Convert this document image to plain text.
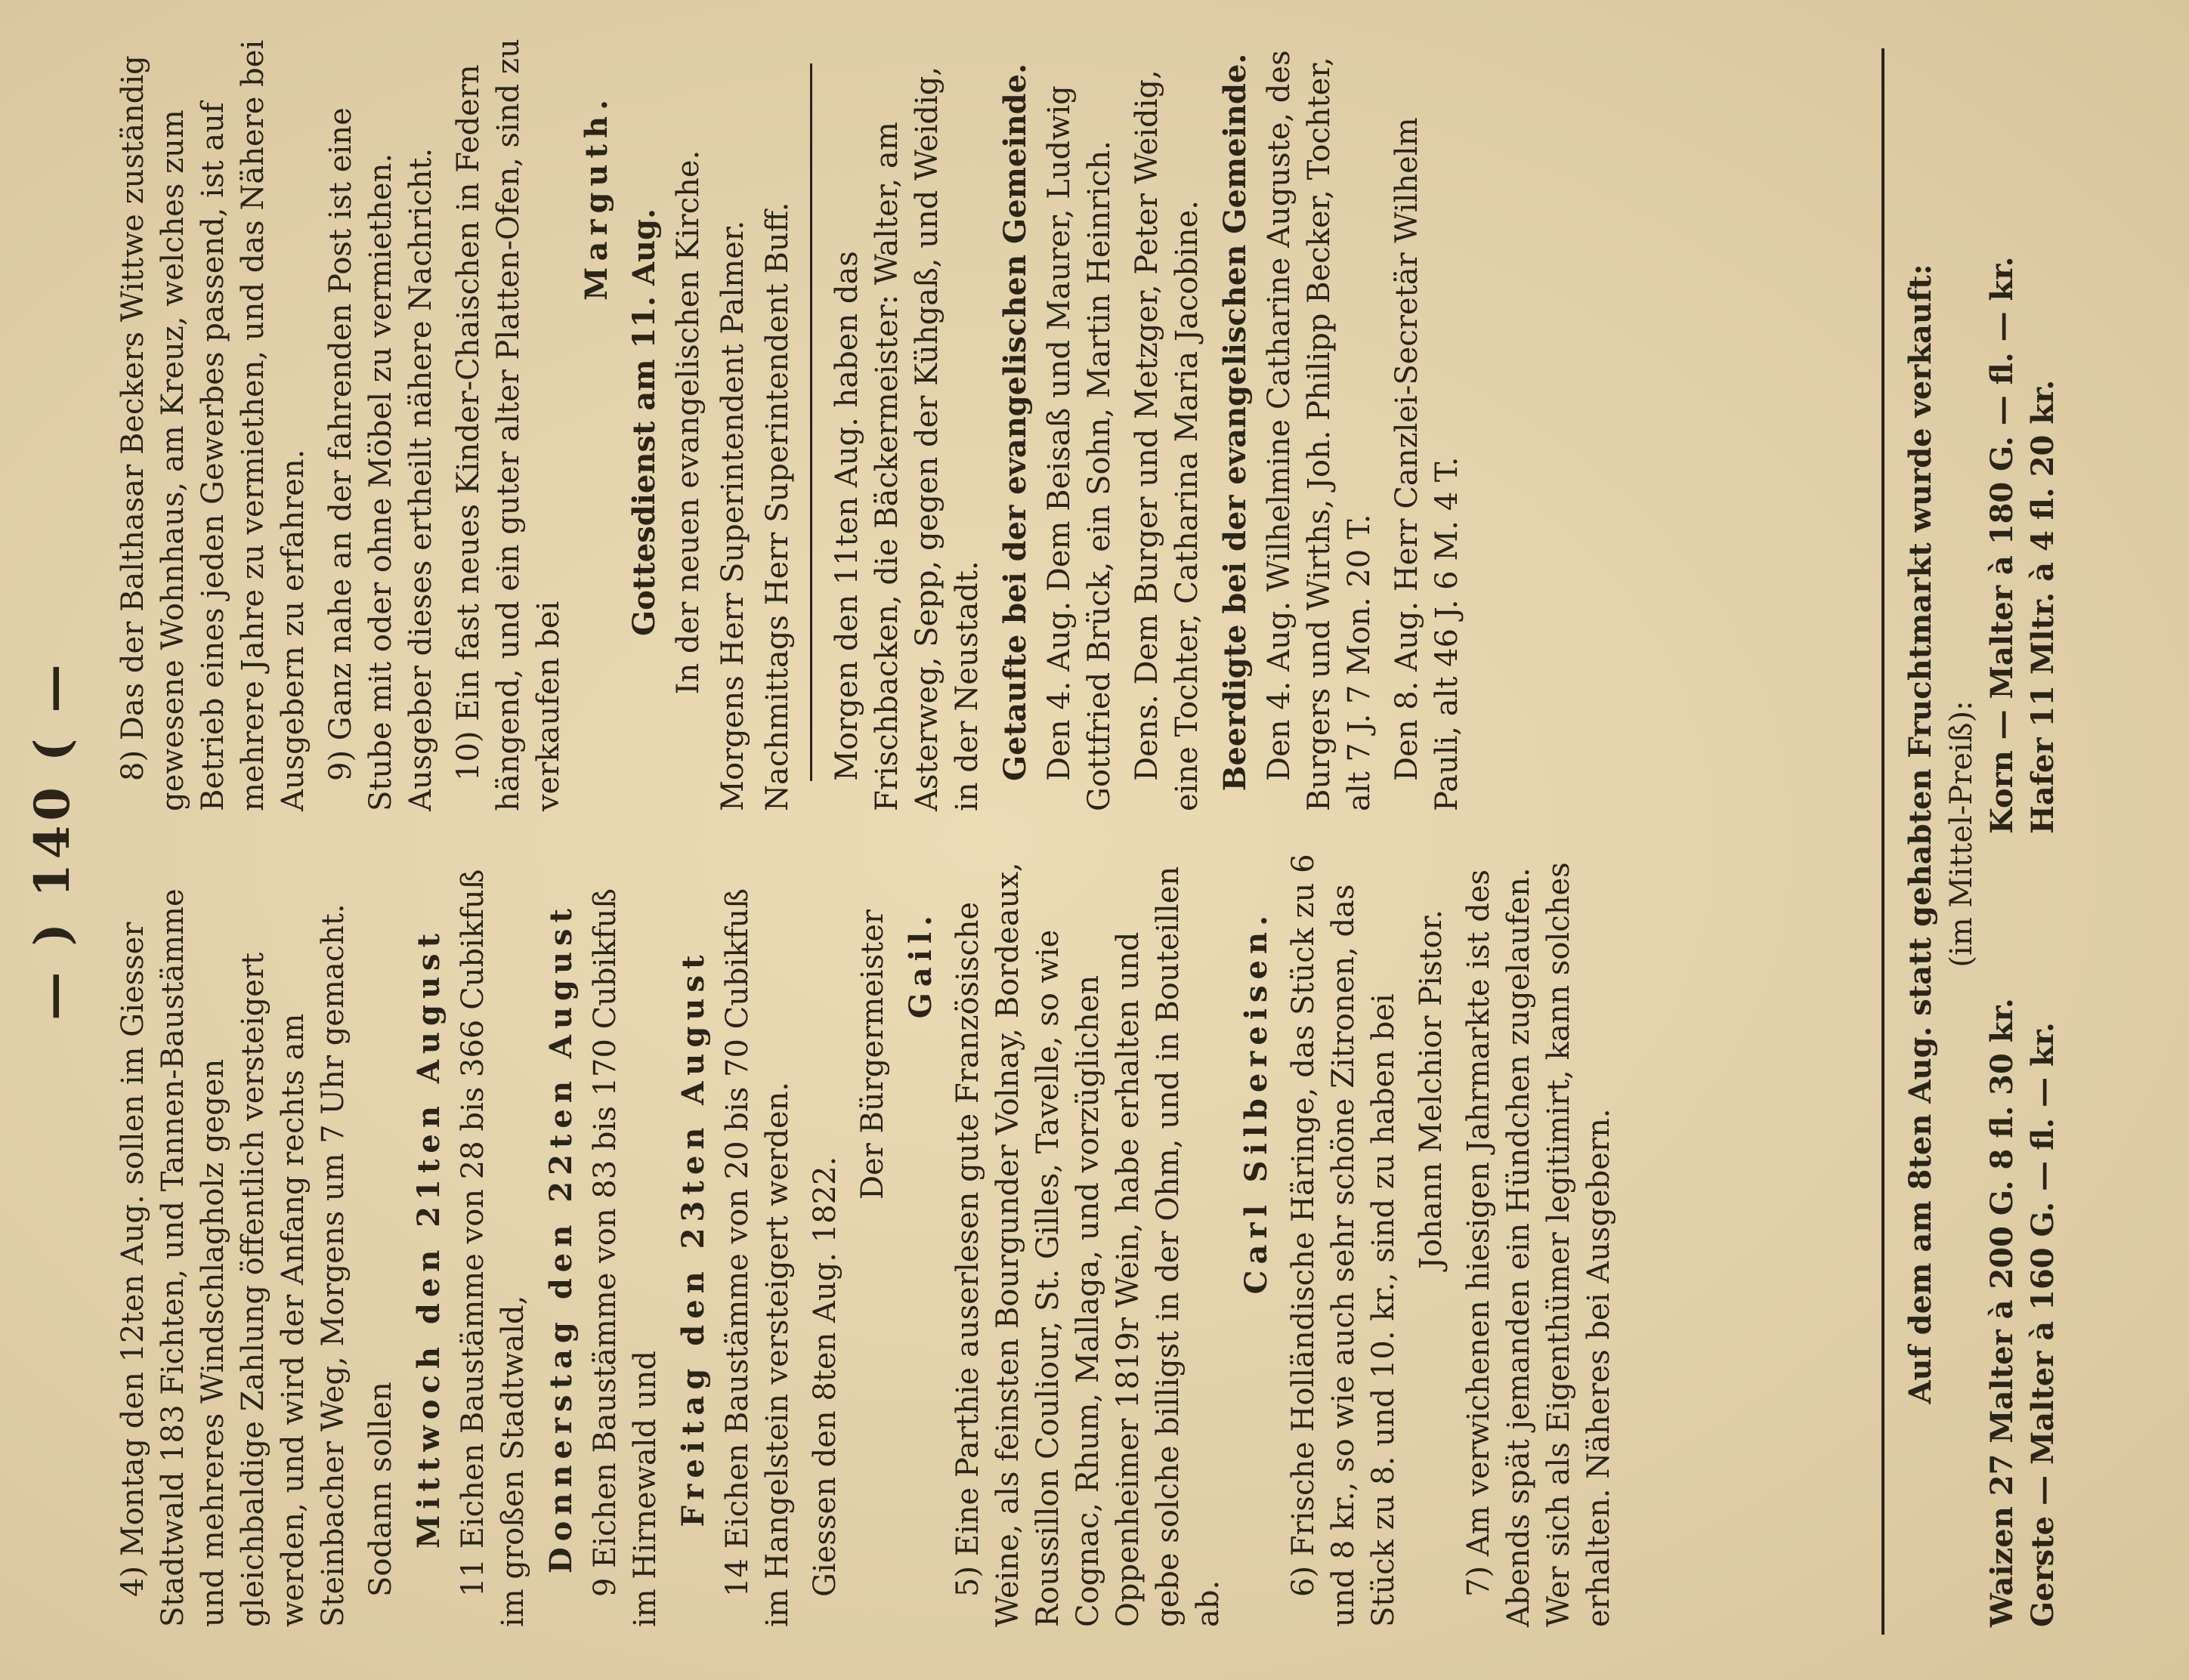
— ) 140 ( —

4) Montag den 12ten Aug. sollen im Giesser Stadtwald 183 Fichten, und Tannen-Baustämme und mehreres Windschlagholz gegen gleichbaldige Zahlung öffentlich versteigert werden, und wird der Anfang rechts am Steinbacher Weg, Morgens um 7 Uhr gemacht. Sodann sollen Mittwoch den 21ten August 11 Eichen Baustämme von 28 bis 366 Cubikfuß im großen Stadtwald, Donnerstag den 22ten August 9 Eichen Baustämme von 83 bis 170 Cubikfuß im Hirnewald und Freitag den 23ten August 14 Eichen Baustämme von 20 bis 70 Cubikfuß im Hangelstein versteigert werden. Giessen den 8ten Aug. 1822.

Der Bürgermeister Gail. 5) Eine Parthie auserlesen gute Französische Weine, als feinsten Bourgunder Volnay, Bordeaux, Roussillon Couliour, St. Gilles, Tavelle, so wie Cognac, Rhum, Mallaga, und vorzüglichen Oppenheimer 1819r Wein, habe erhalten und gebe solche billigst in der Ohm, und in Bouteillen ab.

Carl Silbereisen. 6) Frische Holländische Häringe, das Stück zu 6 und 8 kr., so wie auch sehr schöne Zitronen, das Stück zu 8. und 10. kr., sind zu haben bei Johann Melchior Pistor. 7) Am verwichenen hiesigen Jahrmarkte ist des Abends spät jemanden ein Hündchen zugelaufen. Wer sich als Eigenthümer legitimirt, kann solches erhalten. Näheres bei Ausgebern.

8) Das der Balthasar Beckers Wittwe zuständig gewesene Wohnhaus, am Kreuz, welches zum Betrieb eines jeden Gewerbes passend, ist auf mehrere Jahre zu vermiethen, und das Nähere bei Ausgebern zu erfahren. 9) Ganz nahe an der fahrenden Post ist eine Stube mit oder ohne Möbel zu vermiethen. Ausgeber dieses ertheilt nähere Nachricht. 10) Ein fast neues Kinder-Chaischen in Federn hängend, und ein guter alter Platten-Ofen, sind zu verkaufen bei

Marguth.

Gottesdienst am 11. Aug. In der neuen evangelischen Kirche. Morgens Herr Superintendent Palmer. Nachmittags Herr Superintendent Buff. Morgen den 11ten Aug. haben das Frischbacken, die Bäckermeister: Walter, am Asterweg, Sepp, gegen der Kühgaß, und Weidig, in der Neustadt. Getaufte bei der evangelischen Gemeinde. Den 4. Aug. Dem Beisaß und Maurer, Ludwig Gottfried Brück, ein Sohn, Martin Heinrich. Dens. Dem Burger und Metzger, Peter Weidig, eine Tochter, Catharina Maria Jacobine. Beerdigte bei der evangelischen Gemeinde. Den 4. Aug. Wilhelmine Catharine Auguste, des Burgers und Wirths, Joh. Philipp Becker, Tochter, alt 7 J. 7 Mon. 20 T. Den 8. Aug. Herr Canzlei-Secretär Wilhelm Pauli, alt 46 J. 6 M. 4 T.	Auf dem am 8ten Aug. statt gehabten Fruchtmarkt wurde verkauft: (im Mittel-Preiß):

Waizen 27 Malter à 200 G. 8 fl. 30 kr.
Korn — Malter à 180 G. — fl. — kr.
Gerste — Malter à 160 G. — fl. — kr.
Hafer 11 Mltr. à 4 fl. 20 kr.
